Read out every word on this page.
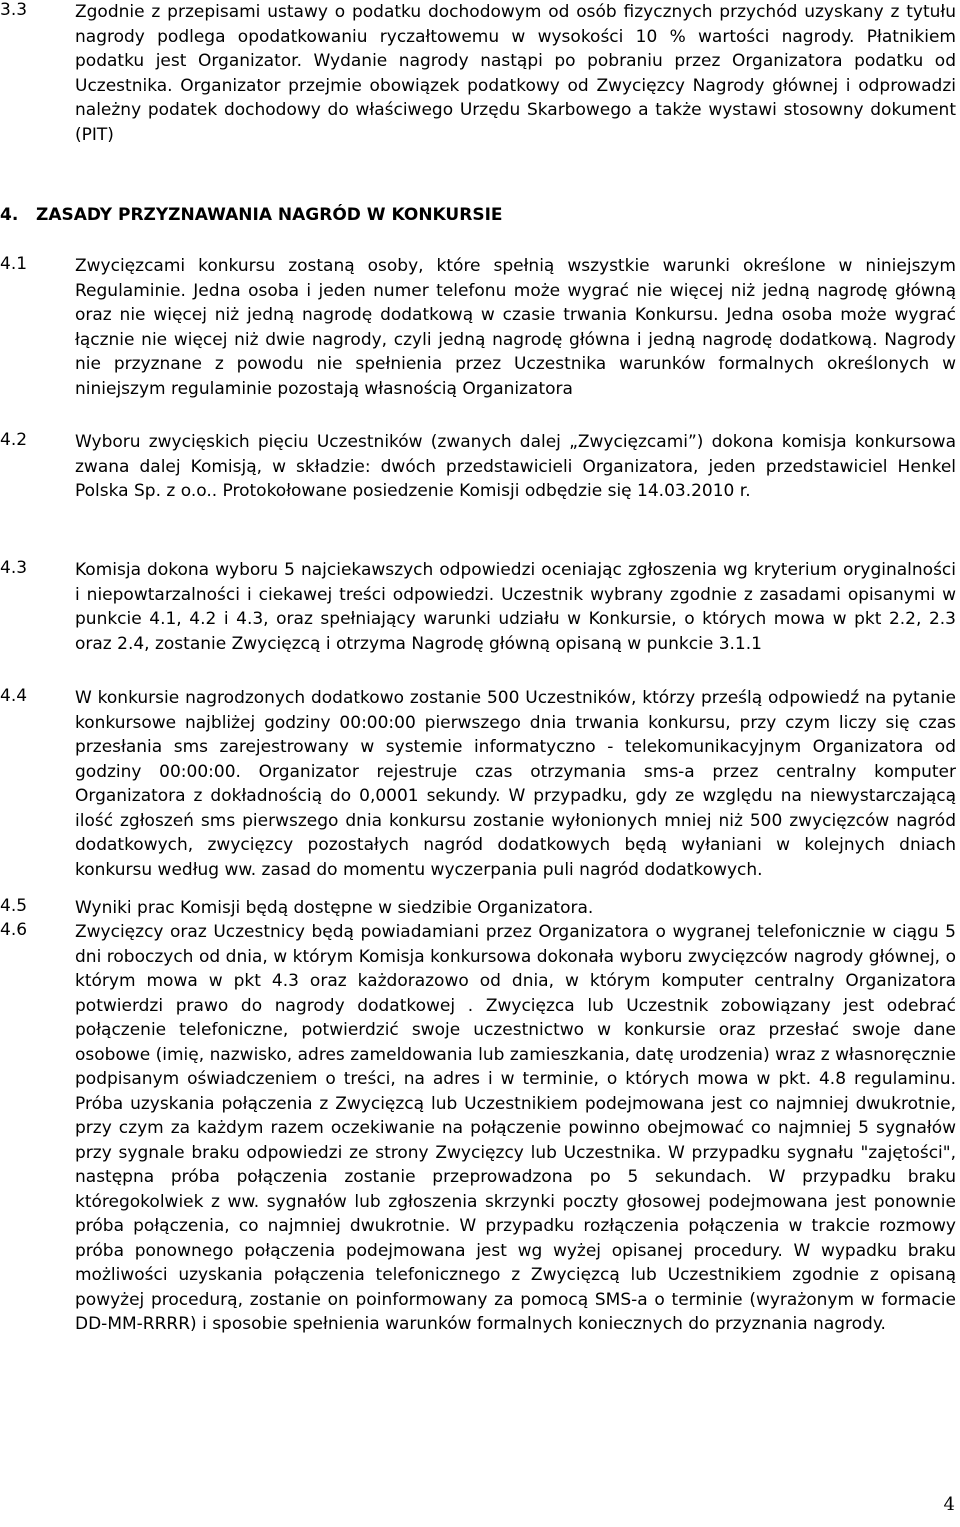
3.3	Zgodnie z przepisami ustawy o podatku dochodowym od osób fizycznych przychód uzyskany z tytułu nagrody podlega opodatkowaniu ryczałtowemu w wysokości 10 % wartości nagrody. Płatnikiem podatku jest Organizator. Wydanie nagrody nastąpi po pobraniu przez Organizatora podatku od Uczestnika. Organizator przejmie obowiązek podatkowy od Zwycięzcy Nagrody głównej i odprowadzi należny podatek dochodowy do właściwego Urzędu Skarbowego a także wystawi stosowny dokument (PIT)
4. ZASADY PRZYZNAWANIA NAGRÓD W KONKURSIE
4.1	Zwycięzcami konkursu zostaną osoby, które spełnią wszystkie warunki określone w niniejszym Regulaminie. Jedna osoba i jeden numer telefonu może wygrać nie więcej niż jedną nagrodę główną oraz nie więcej niż jedną nagrodę dodatkową w czasie trwania Konkursu. Jedna osoba może wygrać łącznie nie więcej niż dwie nagrody, czyli jedną nagrodę główna i jedną nagrodę dodatkową. Nagrody nie przyznane z powodu nie spełnienia przez Uczestnika warunków formalnych określonych w niniejszym regulaminie pozostają własnością Organizatora
4.2	Wyboru zwycięskich pięciu Uczestników (zwanych dalej „Zwycięzcami”) dokona komisja konkursowa zwana dalej Komisją, w składzie: dwóch przedstawicieli Organizatora, jeden przedstawiciel Henkel Polska Sp. z o.o.. Protokołowane posiedzenie Komisji odbędzie się 14.03.2010 r.
4.3	Komisja dokona wyboru 5 najciekawszych odpowiedzi oceniając zgłoszenia wg kryterium oryginalności i niepowtarzalności i ciekawej treści odpowiedzi. Uczestnik wybrany zgodnie z zasadami opisanymi w punkcie 4.1, 4.2 i 4.3, oraz spełniający warunki udziału w Konkursie, o których mowa w pkt 2.2, 2.3 oraz 2.4, zostanie Zwycięzcą i otrzyma Nagrodę główną opisaną w punkcie 3.1.1
4.4	W konkursie nagrodzonych dodatkowo zostanie 500 Uczestników, którzy prześlą odpowiedź na pytanie konkursowe najbliżej godziny 00:00:00 pierwszego dnia trwania konkursu, przy czym liczy się czas przesłania sms zarejestrowany w systemie informatyczno - telekomunikacyjnym Organizatora od godziny 00:00:00. Organizator rejestruje czas otrzymania sms-a przez centralny komputer Organizatora z dokładnością do 0,0001 sekundy. W przypadku, gdy ze względu na niewystarczającą ilość zgłoszeń sms pierwszego dnia konkursu zostanie wyłonionych mniej niż 500 zwycięzców nagród dodatkowych, zwycięzcy pozostałych nagród dodatkowych będą wyłaniani w kolejnych dniach konkursu według ww. zasad do momentu wyczerpania puli nagród dodatkowych.
4.5	Wyniki prac Komisji będą dostępne w siedzibie Organizatora.
4.6	Zwycięzcy oraz Uczestnicy będą powiadamiani przez Organizatora o wygranej telefonicznie w ciągu 5 dni roboczych od dnia, w którym Komisja konkursowa dokonała wyboru zwycięzców nagrody głównej, o którym mowa w pkt 4.3 oraz każdorazowo od dnia, w którym komputer centralny Organizatora potwierdzi prawo do nagrody dodatkowej . Zwycięzca lub Uczestnik zobowiązany jest odebrać połączenie telefoniczne, potwierdzić swoje uczestnictwo w konkursie oraz przesłać swoje dane osobowe (imię, nazwisko, adres zameldowania lub zamieszkania, datę urodzenia) wraz z własnoręcznie podpisanym oświadczeniem o treści, na adres i w terminie, o których mowa w pkt. 4.8 regulaminu. Próba uzyskania połączenia z Zwycięzcą lub Uczestnikiem podejmowana jest co najmniej dwukrotnie, przy czym za każdym razem oczekiwanie na połączenie powinno obejmować co najmniej 5 sygnałów przy sygnale braku odpowiedzi ze strony Zwycięzcy lub Uczestnika. W przypadku sygnału "zajętości", następna próba połączenia zostanie przeprowadzona po 5 sekundach. W przypadku braku któregokolwiek z ww. sygnałów lub zgłoszenia skrzynki poczty głosowej podejmowana jest ponownie próba połączenia, co najmniej dwukrotnie. W przypadku rozłączenia połączenia w trakcie rozmowy próba ponownego połączenia podejmowana jest wg wyżej opisanej procedury. W wypadku braku możliwości uzyskania połączenia telefonicznego z Zwycięzcą lub Uczestnikiem zgodnie z opisaną powyżej procedurą, zostanie on poinformowany za pomocą SMS-a o terminie (wyrażonym w formacie DD-MM-RRRR) i sposobie spełnienia warunków formalnych koniecznych do przyznania nagrody.
4
